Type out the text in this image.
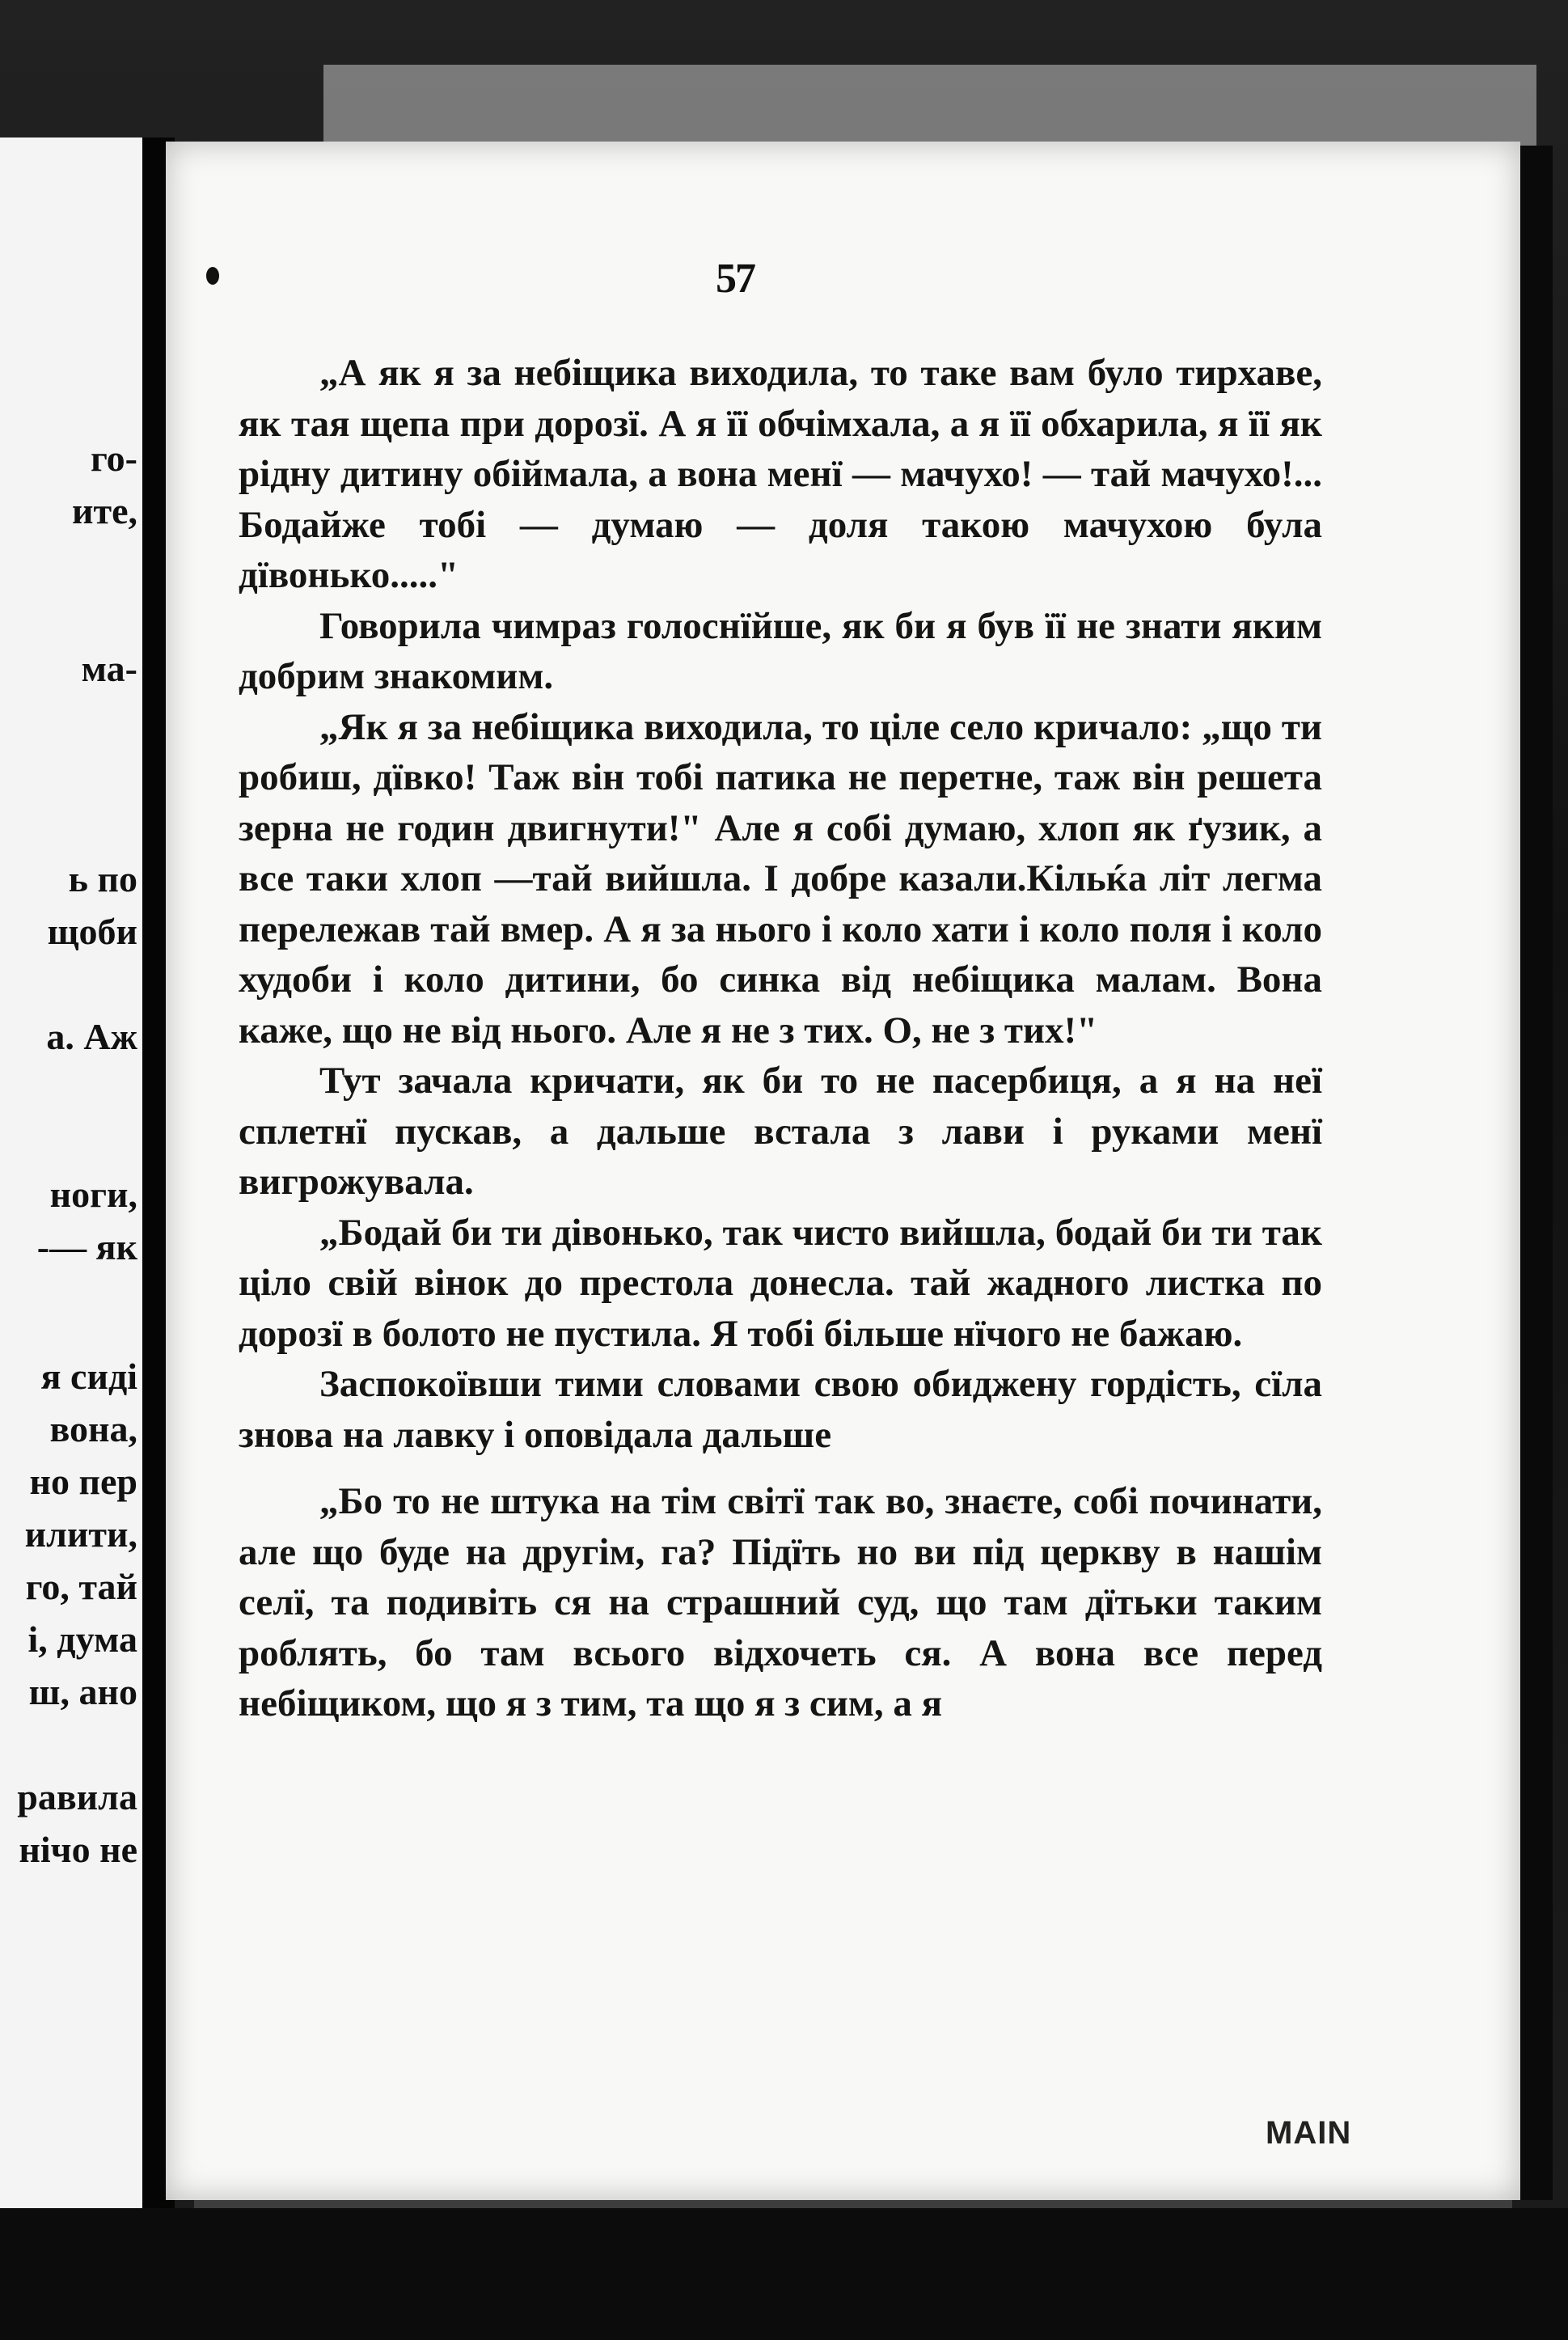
го-
ите,
ма-
ь по
щоби
а. Аж
ноги,
-— як
я сиді
вона,
но пер
илити,
го, тай
і, дума
ш, ано
равила
нічо не
57

„А як я за небіщика виходила, то таке вам було тирхаве, як тая щепа при дорозї. А я її обчімхала, а я її обхарила, я її як рідну дитину обіймала, а вона менї — мачухо! — тай мачухо!... Бодайже тобі — думаю — доля такою мачухою була дївонько....."

Говорила чимраз голоснїйше, як би я був її не знати яким добрим знакомим.

„Як я за небіщика виходила, то ціле село кричало: „що ти робиш, дївко! Таж він тобі патика не перетне, таж він решета зерна не годин двигнути!" Але я собі думаю, хлоп як ґузик, а все таки хлоп —тай вийшла. І добре казали.Кільќа літ легма перележав тай вмер. А я за нього і коло хати і коло поля і коло худоби і коло дитини, бо синка від небіщика малам. Вона каже, що не від нього. Але я не з тих. О, не з тих!"

Тут зачала кричати, як би то не пасербиця, а я на неї сплетнї пускав, а дальше встала з лави і руками менї вигрожувала.

„Бодай би ти дівонько, так чисто вийшла, бодай би ти так ціло свій вінок до престола донесла. тай жадного листка по дорозї в болото не пустила. Я тобі більше нїчого не бажаю.

Заспокоївши тими словами свою обиджену гордість, сїла знова на лавку і оповідала дальше

„Бо то не штука на тім світї так во, знаєте, собі починати, але що буде на другім, га? Підїть но ви під церкву в нашім селї, та подивіть ся на страшний суд, що там дїтьки таким роблять, бо там всього відхочеть ся. А вона все перед небіщиком, що я з тим, та що я з сим, а я

MAIN
